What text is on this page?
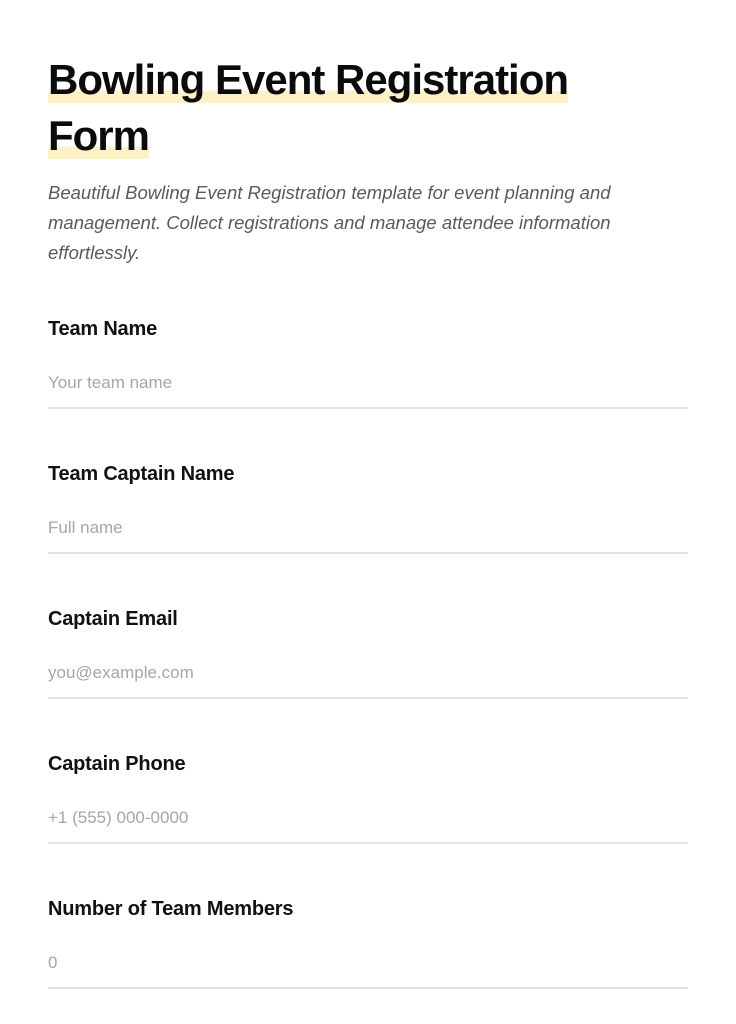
Bowling Event Registration
Form

Beautiful Bowling Event Registration template for event planning and management. Collect registrations and manage attendee information effortlessly.

Team Name
Your team name
Team Captain Name
Full name
Captain Email
you@example.com
Captain Phone
+1 (555) 000-0000
Number of Team Members
0
